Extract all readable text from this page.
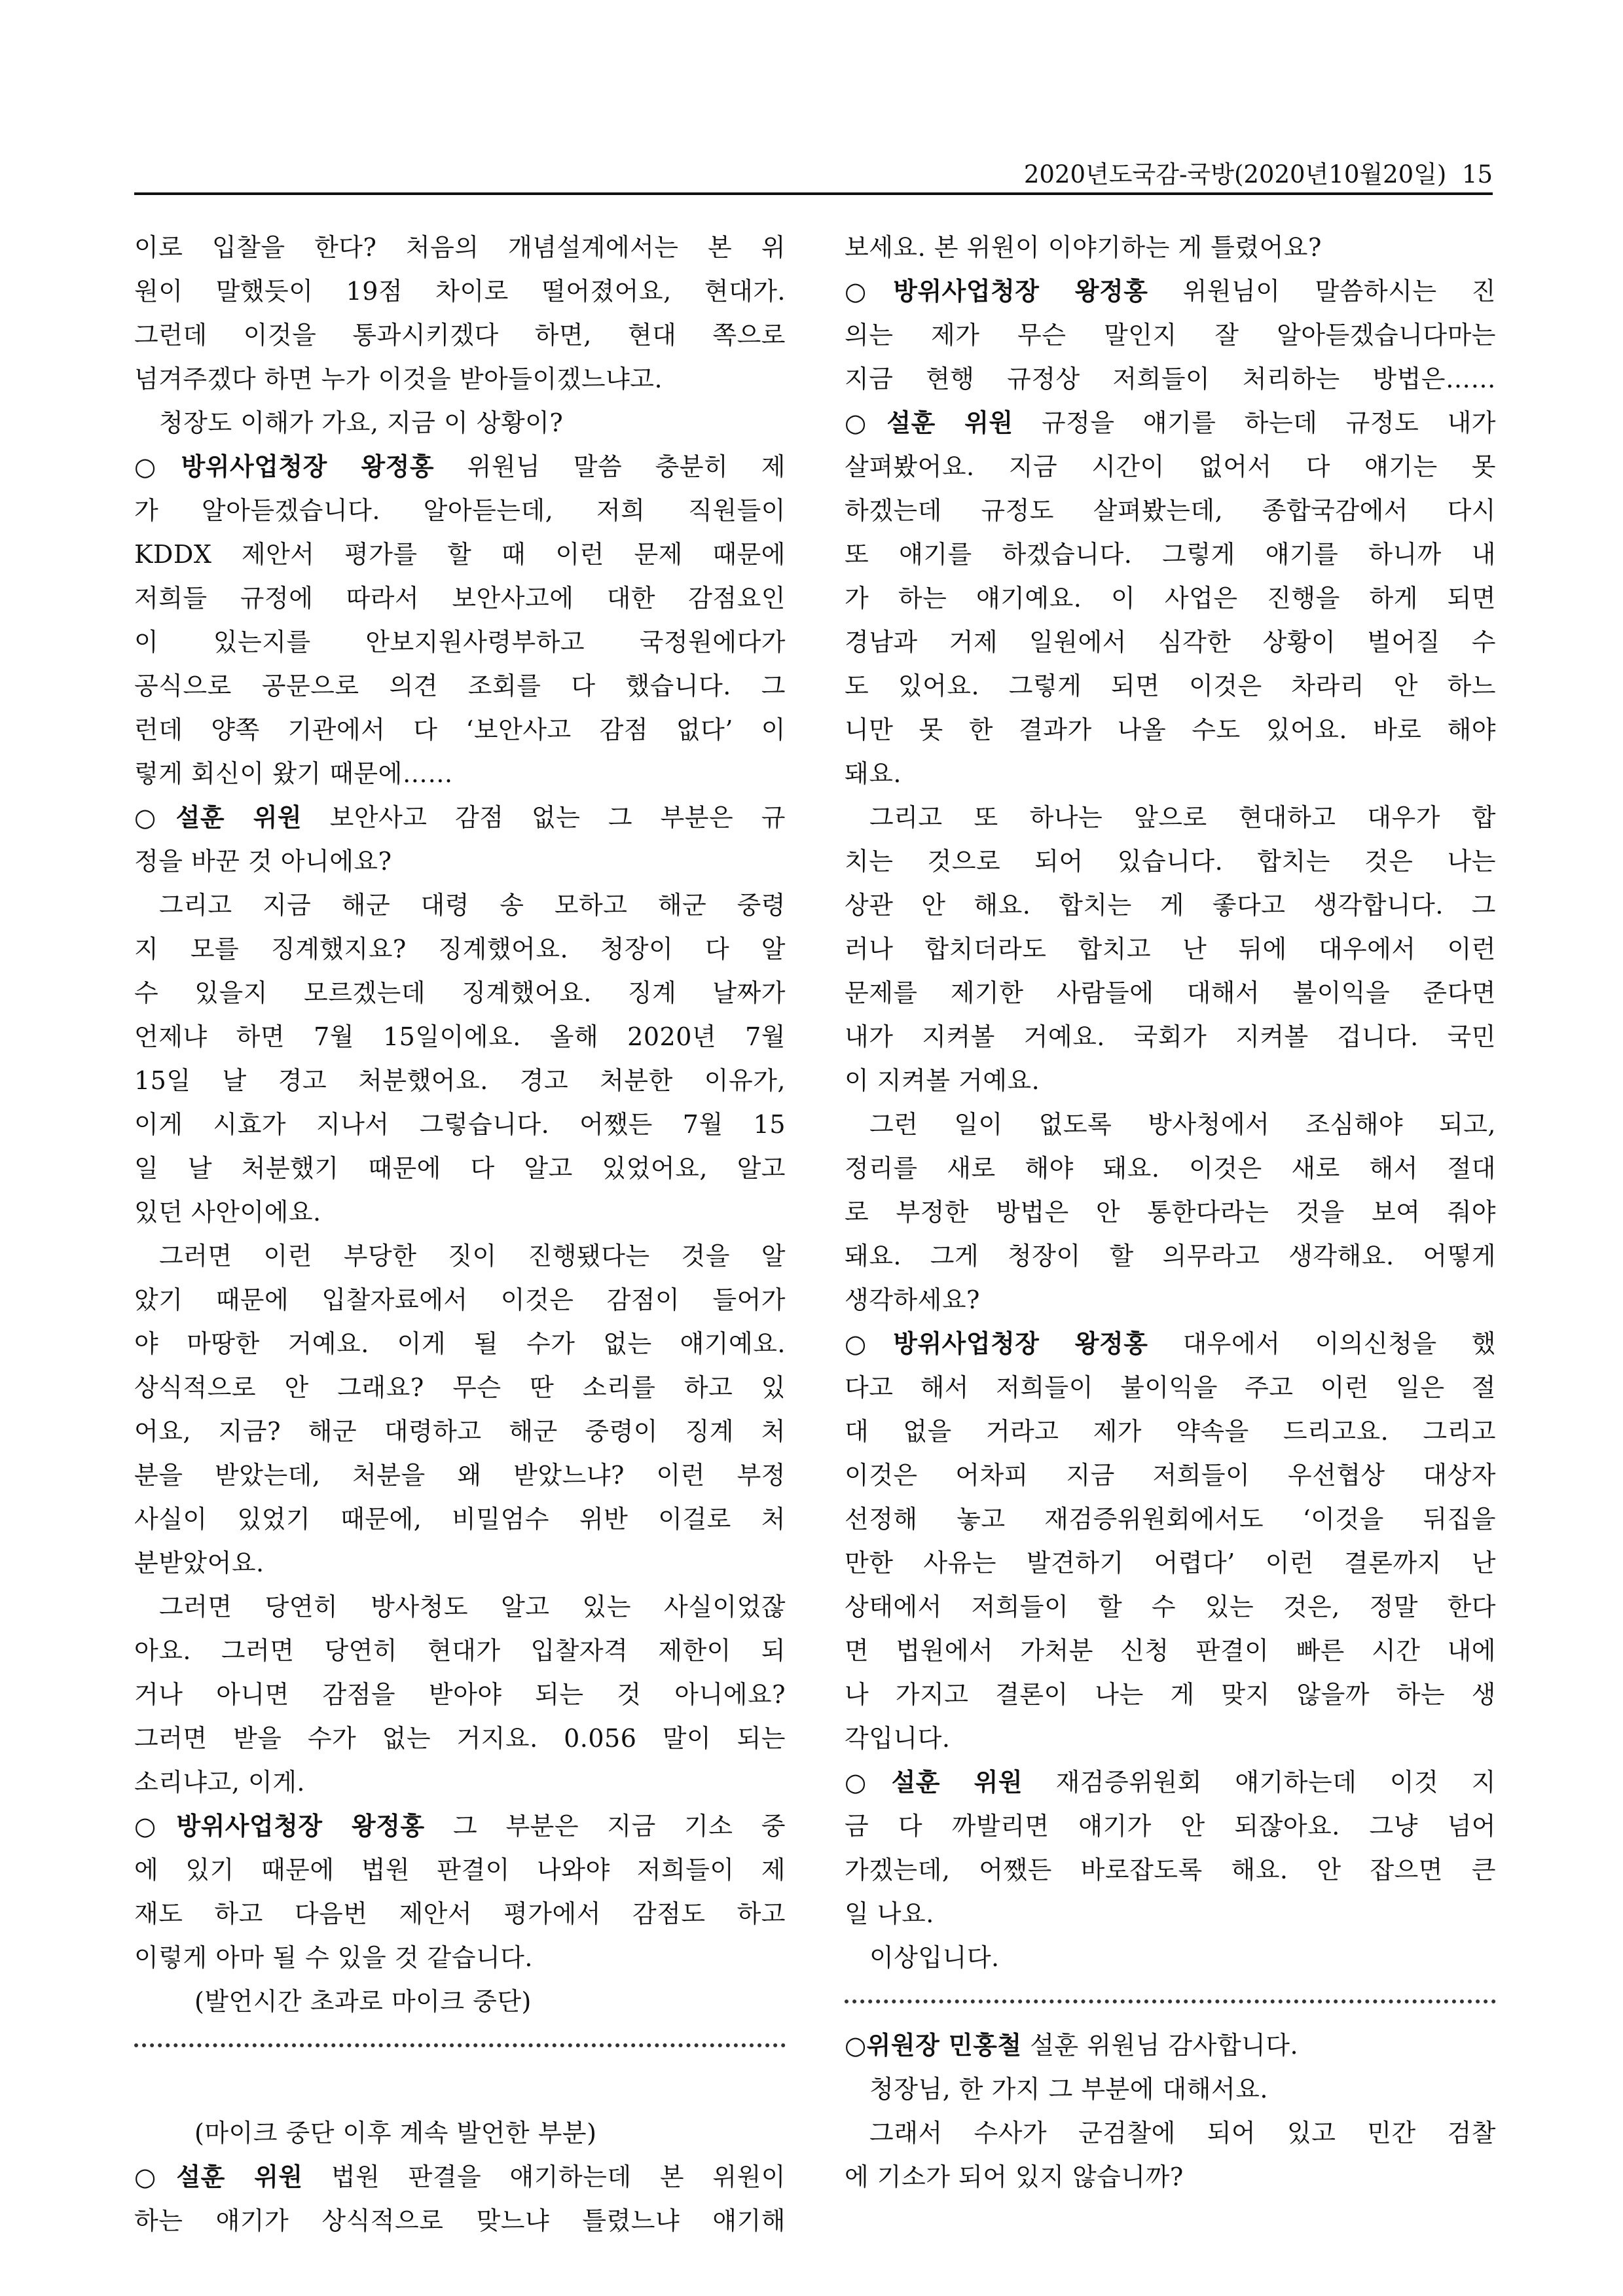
2020년도국감-국방(2020년10월20일) 15
이로 입찰을 한다? 처음의 개념설계에서는 본 위
원이 말했듯이 19점 차이로 떨어졌어요, 현대가.
그런데 이것을 통과시키겠다 하면, 현대 쪽으로
넘겨주겠다 하면 누가 이것을 받아들이겠느냐고.
청장도 이해가 가요, 지금 이 상황이?
○방위사업청장 왕정홍 위원님 말씀 충분히 제
가 알아듣겠습니다. 알아듣는데, 저희 직원들이
KDDX 제안서 평가를 할 때 이런 문제 때문에
저희들 규정에 따라서 보안사고에 대한 감점요인
이 있는지를 안보지원사령부하고 국정원에다가
공식으로 공문으로 의견 조회를 다 했습니다. 그
런데 양쪽 기관에서 다 ‘보안사고 감점 없다’ 이
렇게 회신이 왔기 때문에……
○설훈 위원 보안사고 감점 없는 그 부분은 규
정을 바꾼 것 아니에요?
그리고 지금 해군 대령 송 모하고 해군 중령
지 모를 징계했지요? 징계했어요. 청장이 다 알
수 있을지 모르겠는데 징계했어요. 징계 날짜가
언제냐 하면 7월 15일이에요. 올해 2020년 7월
15일 날 경고 처분했어요. 경고 처분한 이유가,
이게 시효가 지나서 그렇습니다. 어쨌든 7월 15
일 날 처분했기 때문에 다 알고 있었어요, 알고
있던 사안이에요.
그러면 이런 부당한 짓이 진행됐다는 것을 알
았기 때문에 입찰자료에서 이것은 감점이 들어가
야 마땅한 거예요. 이게 될 수가 없는 얘기예요.
상식적으로 안 그래요? 무슨 딴 소리를 하고 있
어요, 지금? 해군 대령하고 해군 중령이 징계 처
분을 받았는데, 처분을 왜 받았느냐? 이런 부정
사실이 있었기 때문에, 비밀엄수 위반 이걸로 처
분받았어요.
그러면 당연히 방사청도 알고 있는 사실이었잖
아요. 그러면 당연히 현대가 입찰자격 제한이 되
거나 아니면 감점을 받아야 되는 것 아니에요?
그러면 받을 수가 없는 거지요. 0.056 말이 되는
소리냐고, 이게.
○방위사업청장 왕정홍 그 부분은 지금 기소 중
에 있기 때문에 법원 판결이 나와야 저희들이 제
재도 하고 다음번 제안서 평가에서 감점도 하고
이렇게 아마 될 수 있을 것 같습니다.
(발언시간 초과로 마이크 중단)
(마이크 중단 이후 계속 발언한 부분)
○설훈 위원 법원 판결을 얘기하는데 본 위원이
하는 얘기가 상식적으로 맞느냐 틀렸느냐 얘기해
보세요. 본 위원이 이야기하는 게 틀렸어요?
○방위사업청장 왕정홍 위원님이 말씀하시는 진
의는 제가 무슨 말인지 잘 알아듣겠습니다마는
지금 현행 규정상 저희들이 처리하는 방법은……
○설훈 위원 규정을 얘기를 하는데 규정도 내가
살펴봤어요. 지금 시간이 없어서 다 얘기는 못
하겠는데 규정도 살펴봤는데, 종합국감에서 다시
또 얘기를 하겠습니다. 그렇게 얘기를 하니까 내
가 하는 얘기예요. 이 사업은 진행을 하게 되면
경남과 거제 일원에서 심각한 상황이 벌어질 수
도 있어요. 그렇게 되면 이것은 차라리 안 하느
니만 못 한 결과가 나올 수도 있어요. 바로 해야
돼요.
그리고 또 하나는 앞으로 현대하고 대우가 합
치는 것으로 되어 있습니다. 합치는 것은 나는
상관 안 해요. 합치는 게 좋다고 생각합니다. 그
러나 합치더라도 합치고 난 뒤에 대우에서 이런
문제를 제기한 사람들에 대해서 불이익을 준다면
내가 지켜볼 거예요. 국회가 지켜볼 겁니다. 국민
이 지켜볼 거예요.
그런 일이 없도록 방사청에서 조심해야 되고,
정리를 새로 해야 돼요. 이것은 새로 해서 절대
로 부정한 방법은 안 통한다라는 것을 보여 줘야
돼요. 그게 청장이 할 의무라고 생각해요. 어떻게
생각하세요?
○방위사업청장 왕정홍 대우에서 이의신청을 했
다고 해서 저희들이 불이익을 주고 이런 일은 절
대 없을 거라고 제가 약속을 드리고요. 그리고
이것은 어차피 지금 저희들이 우선협상 대상자
선정해 놓고 재검증위원회에서도 ‘이것을 뒤집을
만한 사유는 발견하기 어렵다’ 이런 결론까지 난
상태에서 저희들이 할 수 있는 것은, 정말 한다
면 법원에서 가처분 신청 판결이 빠른 시간 내에
나 가지고 결론이 나는 게 맞지 않을까 하는 생
각입니다.
○설훈 위원 재검증위원회 얘기하는데 이것 지
금 다 까발리면 얘기가 안 되잖아요. 그냥 넘어
가겠는데, 어쨌든 바로잡도록 해요. 안 잡으면 큰
일 나요.
이상입니다.
○위원장 민홍철 설훈 위원님 감사합니다.
청장님, 한 가지 그 부분에 대해서요.
그래서 수사가 군검찰에 되어 있고 민간 검찰
에 기소가 되어 있지 않습니까?
